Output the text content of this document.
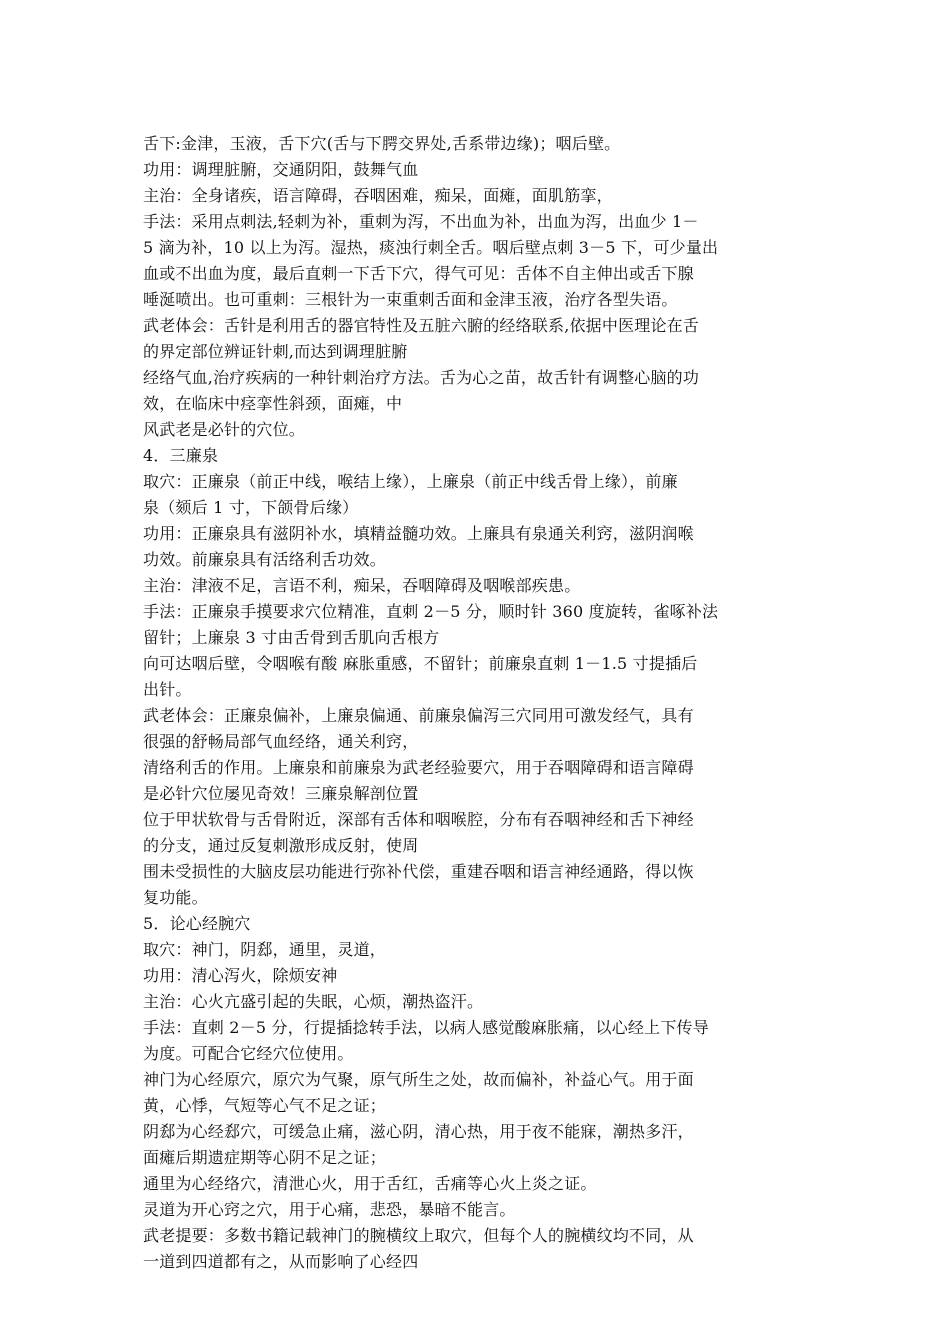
舌下:金津，玉液，舌下穴(舌与下腭交界处,舌系带边缘)；咽后壁。
功用：调理脏腑，交通阴阳，鼓舞气血
主治：全身诸疾，语言障碍，吞咽困难，痴呆，面瘫，面肌筋挛，
手法：采用点刺法,轻刺为补，重刺为泻，不出血为补，出血为泻，出血少 1－
5 滴为补，10 以上为泻。湿热，痰浊行刺全舌。咽后壁点刺 3－5 下，可少量出
血或不出血为度，最后直刺一下舌下穴，得气可见：舌体不自主伸出或舌下腺
唾涎喷出。也可重刺：三根针为一束重刺舌面和金津玉液，治疗各型失语。
武老体会：舌针是利用舌的器官特性及五脏六腑的经络联系,依据中医理论在舌
的界定部位辨证针刺,而达到调理脏腑
经络气血,治疗疾病的一种针刺治疗方法。舌为心之苗，故舌针有调整心脑的功
效，在临床中痉挛性斜颈，面瘫，中
风武老是必针的穴位。
4．三廉泉
取穴：正廉泉（前正中线，喉结上缘），上廉泉（前正中线舌骨上缘），前廉
泉（颏后 1 寸，下颌骨后缘）
功用：正廉泉具有滋阴补水，填精益髓功效。上廉具有泉通关利窍，滋阴润喉
功效。前廉泉具有活络利舌功效。
主治：津液不足，言语不利，痴呆，吞咽障碍及咽喉部疾患。
手法：正廉泉手摸要求穴位精准，直刺 2－5 分，顺时针 360 度旋转，雀啄补法
留针；上廉泉 3 寸由舌骨到舌肌向舌根方
向可达咽后壁，令咽喉有酸 麻胀重感，不留针；前廉泉直刺 1－1.5 寸提插后
出针。
武老体会：正廉泉偏补，上廉泉偏通、前廉泉偏泻三穴同用可激发经气，具有
很强的舒畅局部气血经络，通关利窍，
清络利舌的作用。上廉泉和前廉泉为武老经验要穴，用于吞咽障碍和语言障碍
是必针穴位屡见奇效！三廉泉解剖位置
位于甲状软骨与舌骨附近，深部有舌体和咽喉腔，分布有吞咽神经和舌下神经
的分支，通过反复刺激形成反射，使周
围未受损性的大脑皮层功能进行弥补代偿，重建吞咽和语言神经通路，得以恢
复功能。
5．论心经腕穴
取穴：神门，阴郄，通里，灵道，
功用：清心泻火，除烦安神
主治：心火亢盛引起的失眠，心烦，潮热盗汗。
手法：直刺 2－5 分，行提插捻转手法，以病人感觉酸麻胀痛，以心经上下传导
为度。可配合它经穴位使用。
神门为心经原穴，原穴为气聚，原气所生之处，故而偏补，补益心气。用于面
黄，心悸，气短等心气不足之证；
阴郄为心经郄穴，可缓急止痛，滋心阴，清心热，用于夜不能寐，潮热多汗，
面瘫后期遗症期等心阴不足之证；
通里为心经络穴，清泄心火，用于舌红，舌痛等心火上炎之证。
灵道为开心窍之穴，用于心痛，悲恐，暴暗不能言。
武老提要：多数书籍记载神门的腕横纹上取穴，但每个人的腕横纹均不同，从
一道到四道都有之，从而影响了心经四
